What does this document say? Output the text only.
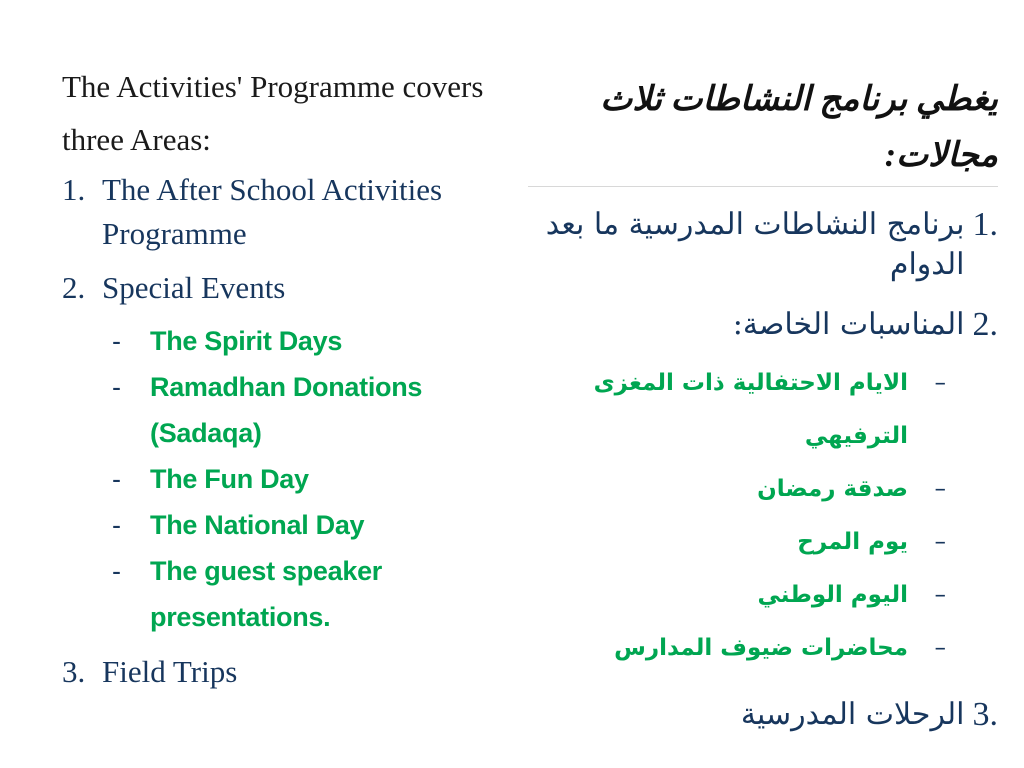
The Activities' Programme covers three Areas:

1. The After School Activities Programme
2. Special Events
-	The Spirit Days
-	Ramadhan Donations (Sadaqa)
-	The Fun Day
-	The National Day
-	The guest speaker presentations.
3. Field Trips

يغطي برنامج النشاطات ثلاث مجالات:

1.
برنامج النشاطات المدرسية ما بعد الدوام
2.
المناسبات الخاصة:
–
الايام الاحتفالية ذات المغزى الترفيهي
–
صدقة رمضان
–
يوم المرح
–
اليوم الوطني
–
محاضرات ضيوف المدارس
3.
الرحلات المدرسية
